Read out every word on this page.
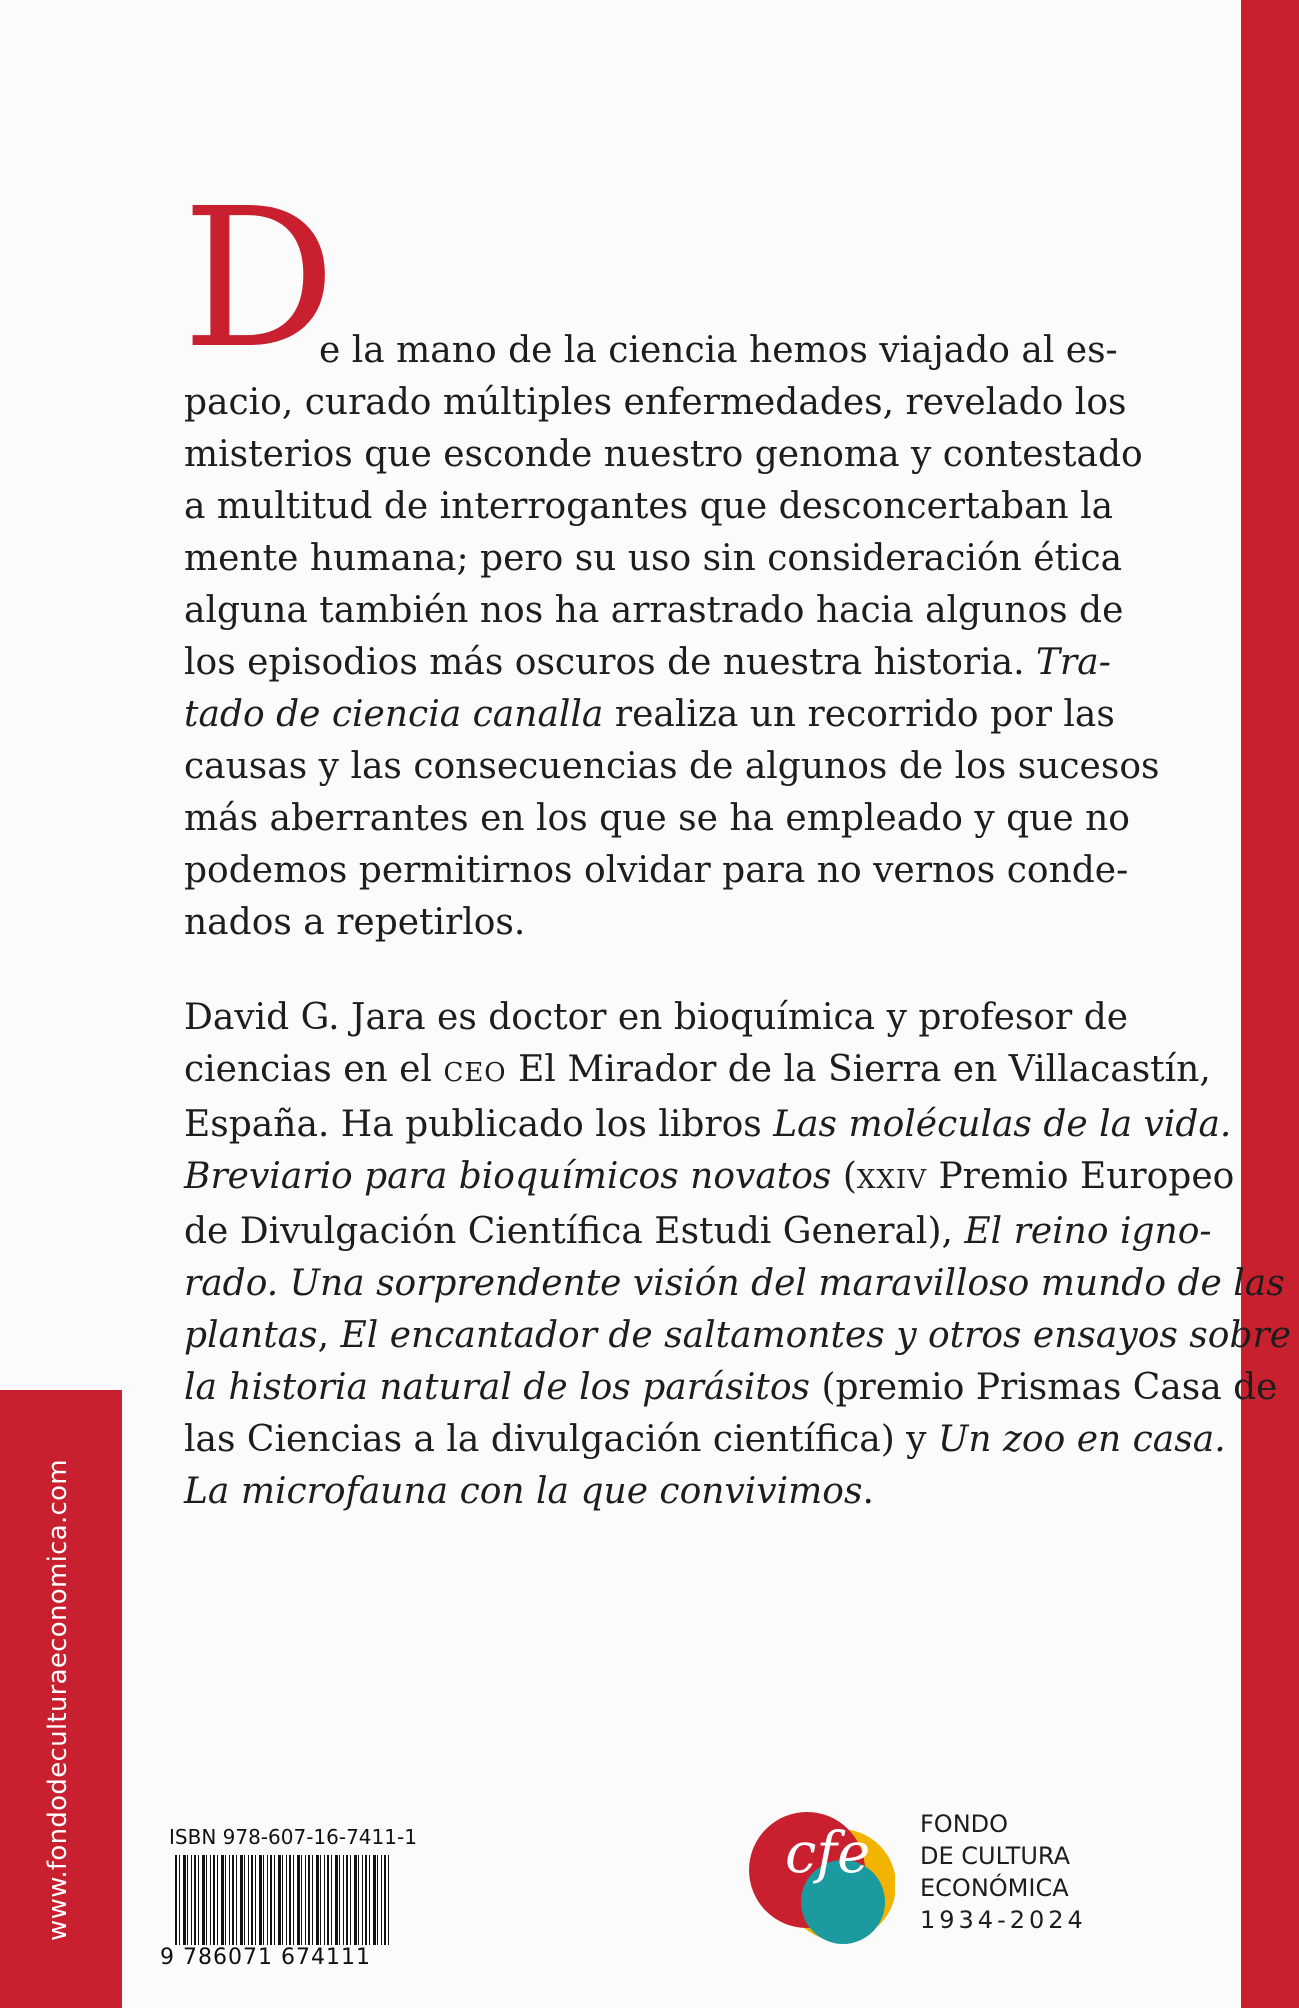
www.fondodeculturaeconomica.com
D
e la mano de la ciencia hemos viajado al es-
pacio, curado múltiples enfermedades, revelado los
misterios que esconde nuestro genoma y contestado
a multitud de interrogantes que desconcertaban la
mente humana; pero su uso sin consideración ética
alguna también nos ha arrastrado hacia algunos de
los episodios más oscuros de nuestra historia. Tra-
tado de ciencia canalla realiza un recorrido por las
causas y las consecuencias de algunos de los sucesos
más aberrantes en los que se ha empleado y que no
podemos permitirnos olvidar para no vernos conde-
nados a repetirlos.
David G. Jara es doctor en bioquímica y profesor de
ciencias en el CEO El Mirador de la Sierra en Villacastín,
España. Ha publicado los libros Las moléculas de la vida.
Breviario para bioquímicos novatos (XXIV Premio Europeo
de Divulgación Científica Estudi General), El reino igno-
rado. Una sorprendente visión del maravilloso mundo de las
plantas, El encantador de saltamontes y otros ensayos sobre
la historia natural de los parásitos (premio Prismas Casa de
las Ciencias a la divulgación científica) y Un zoo en casa.
La microfauna con la que convivimos.
ISBN 978-607-16-7411-1
9 786071 674111
cfe FONDO
DE CULTURA
ECONÓMICA
1934-2024
